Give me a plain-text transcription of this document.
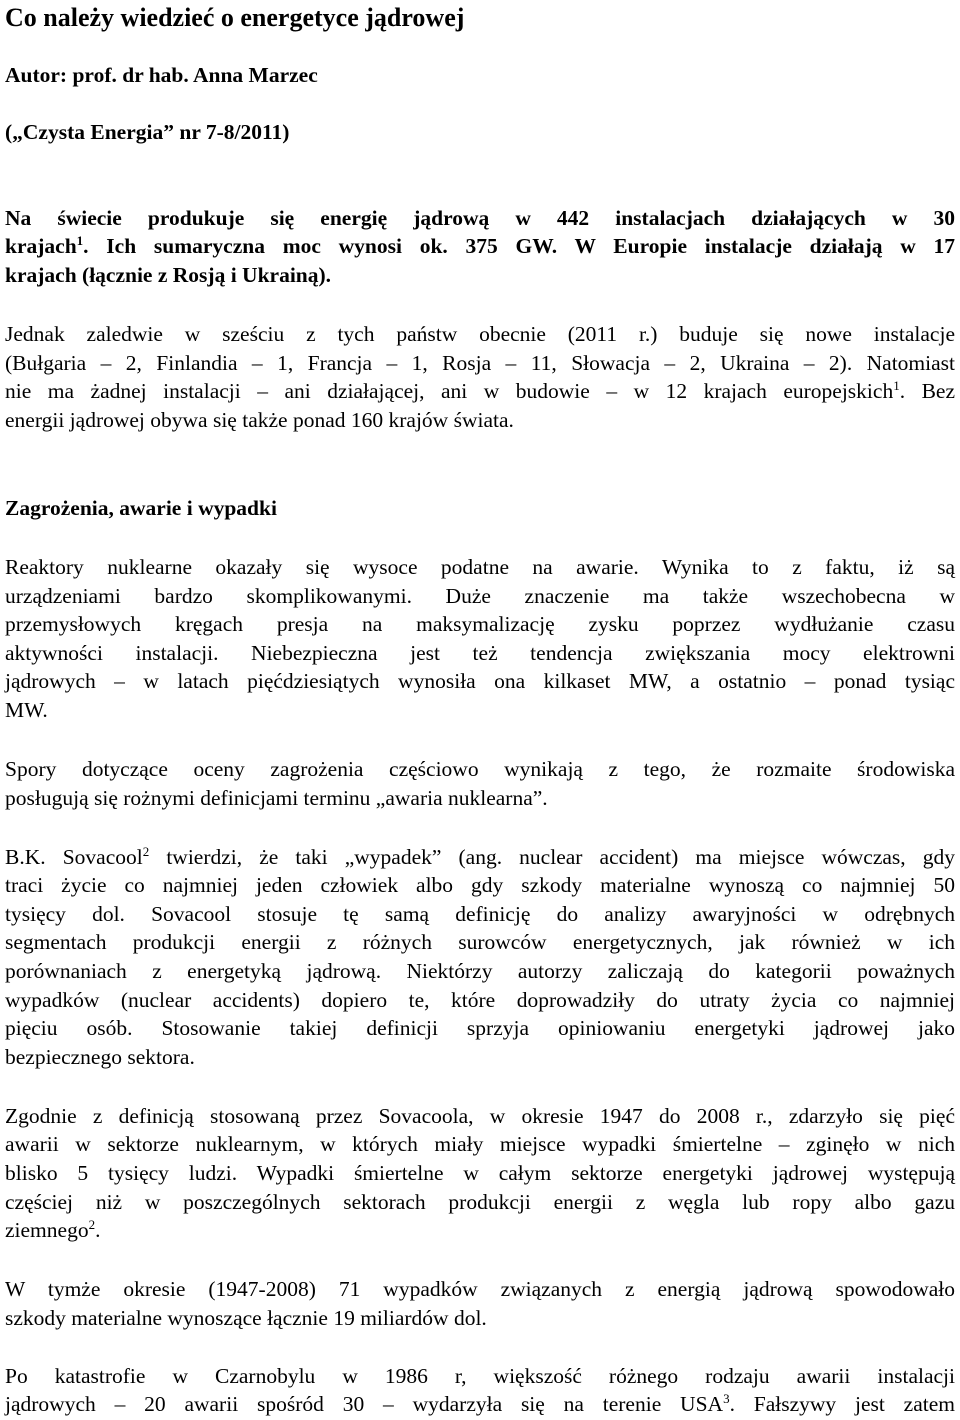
Co należy wiedzieć o energetyce jądrowej
Autor: prof. dr hab. Anna Marzec
(„Czysta Energia” nr 7-8/2011)
Na świecie produkuje się energię jądrową w 442 instalacjach działających w 30
krajach$^1$. Ich sumaryczna moc wynosi ok. 375 GW. W Europie instalacje działają w 17
krajach (łącznie z Rosją i Ukrainą).
Jednak zaledwie w sześciu z tych państw obecnie (2011 r.) buduje się nowe instalacje
(Bułgaria – 2, Finlandia – 1, Francja – 1, Rosja – 11, Słowacja – 2, Ukraina – 2). Natomiast
nie ma żadnej instalacji – ani działającej, ani w budowie – w 12 krajach europejskich$^1$. Bez
energii jądrowej obywa się także ponad 160 krajów świata.
Zagrożenia, awarie i wypadki
Reaktory nuklearne okazały się wysoce podatne na awarie. Wynika to z faktu, iż są
urządzeniami bardzo skomplikowanymi. Duże znaczenie ma także wszechobecna w
przemysłowych kręgach presja na maksymalizację zysku poprzez wydłużanie czasu
aktywności instalacji. Niebezpieczna jest też tendencja zwiększania mocy elektrowni
jądrowych – w latach pięćdziesiątych wynosiła ona kilkaset MW, a ostatnio – ponad tysiąc
MW.
Spory dotyczące oceny zagrożenia częściowo wynikają z tego, że rozmaite środowiska
posługują się rożnymi definicjami terminu „awaria nuklearna”.
B.K. Sovacool$^2$ twierdzi, że taki „wypadek” (ang. nuclear accident) ma miejsce wówczas, gdy
traci życie co najmniej jeden człowiek albo gdy szkody materialne wynoszą co najmniej 50
tysięcy dol. Sovacool stosuje tę samą definicję do analizy awaryjności w odrębnych
segmentach produkcji energii z różnych surowców energetycznych, jak również w ich
porównaniach z energetyką jądrową. Niektórzy autorzy zaliczają do kategorii poważnych
wypadków (nuclear accidents) dopiero te, które doprowadziły do utraty życia co najmniej
pięciu osób. Stosowanie takiej definicji sprzyja opiniowaniu energetyki jądrowej jako
bezpiecznego sektora.
Zgodnie z definicją stosowaną przez Sovacoola, w okresie 1947 do 2008 r., zdarzyło się pięć
awarii w sektorze nuklearnym, w których miały miejsce wypadki śmiertelne – zginęło w nich
blisko 5 tysięcy ludzi. Wypadki śmiertelne w całym sektorze energetyki jądrowej występują
częściej niż w poszczególnych sektorach produkcji energii z węgla lub ropy albo gazu
ziemnego$^2$.
W tymże okresie (1947-2008) 71 wypadków związanych z energią jądrową spowodowało
szkody materialne wynoszące łącznie 19 miliardów dol.
Po katastrofie w Czarnobylu w 1986 r, większość różnego rodzaju awarii instalacji
jądrowych – 20 awarii spośród 30 – wydarzyła się na terenie USA$^3$. Fałszywy jest zatem
